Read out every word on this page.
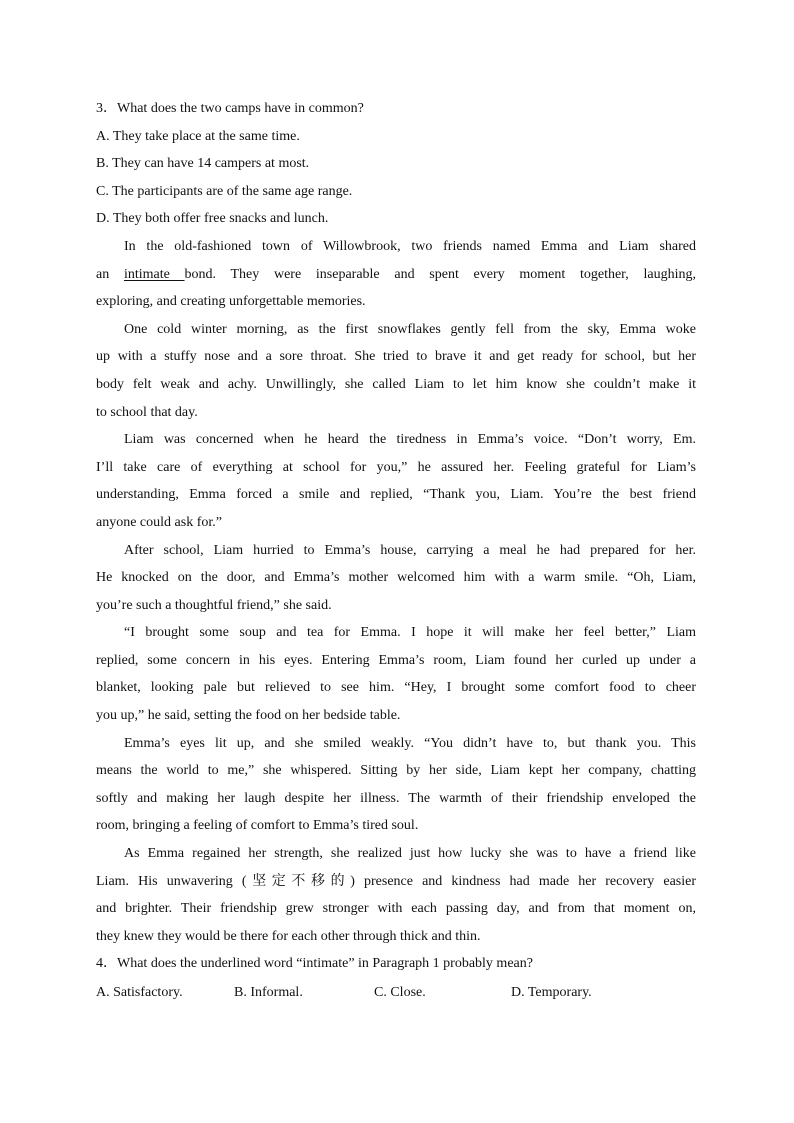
3．What does the two camps have in common?
A. They take place at the same time.
B. They can have 14 campers at most.
C. The participants are of the same age range.
D. They both offer free snacks and lunch.
In the old-fashioned town of Willowbrook, two friends named Emma and Liam shared
an intimate bond. They were inseparable and spent every moment together, laughing,
exploring, and creating unforgettable memories.
One cold winter morning, as the first snowflakes gently fell from the sky, Emma woke
up with a stuffy nose and a sore throat. She tried to brave it and get ready for school, but her
body felt weak and achy. Unwillingly, she called Liam to let him know she couldn’t make it
to school that day.
Liam was concerned when he heard the tiredness in Emma’s voice. “Don’t worry, Em.
I’ll take care of everything at school for you,” he assured her. Feeling grateful for Liam’s
understanding, Emma forced a smile and replied, “Thank you, Liam. You’re the best friend
anyone could ask for.”
After school, Liam hurried to Emma’s house, carrying a meal he had prepared for her.
He knocked on the door, and Emma’s mother welcomed him with a warm smile. “Oh, Liam,
you’re such a thoughtful friend,” she said.
“I brought some soup and tea for Emma. I hope it will make her feel better,” Liam
replied, some concern in his eyes. Entering Emma’s room, Liam found her curled up under a
blanket, looking pale but relieved to see him. “Hey, I brought some comfort food to cheer
you up,” he said, setting the food on her bedside table.
Emma’s eyes lit up, and she smiled weakly. “You didn’t have to, but thank you. This
means the world to me,” she whispered. Sitting by her side, Liam kept her company, chatting
softly and making her laugh despite her illness. The warmth of their friendship enveloped the
room, bringing a feeling of comfort to Emma’s tired soul.
As Emma regained her strength, she realized just how lucky she was to have a friend like
Liam. His unwavering (坚定不移的) presence and kindness had made her recovery easier
and brighter. Their friendship grew stronger with each passing day, and from that moment on,
they knew they would be there for each other through thick and thin.
4．What does the underlined word “intimate” in Paragraph 1 probably mean?
A. Satisfactory.	B. Informal.	C. Close.	D. Temporary.
